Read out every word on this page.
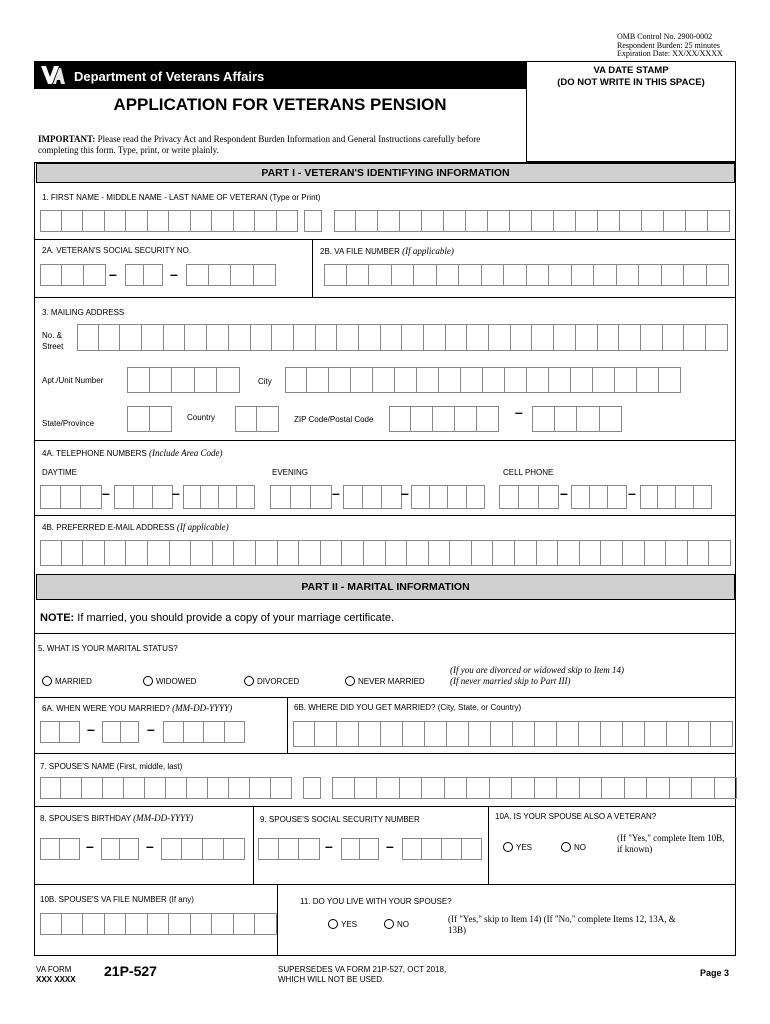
OMB Control No. 2900-0002
Respondent Burden: 25 minutes
Expiration Date: XX/XX/XXXX
Department of Veterans Affairs	VA DATE STAMP
(DO NOT WRITE IN THIS SPACE)
APPLICATION FOR VETERANS PENSION
IMPORTANT: Please read the Privacy Act and Respondent Burden Information and General Instructions carefully before completing this form. Type, print, or write plainly.
PART I - VETERAN'S IDENTIFYING INFORMATION
1. FIRST NAME - MIDDLE NAME - LAST NAME OF VETERAN (Type or Print)
2A. VETERAN'S SOCIAL SECURITY NO.	2B. VA FILE NUMBER (If applicable)
–	–
3. MAILING ADDRESS
No. &
Street
Apt./Unit Number	City
State/Province
Country	ZIP Code/Postal Code	–
4A. TELEPHONE NUMBERS (Include Area Code)
DAYTIME	EVENING	CELL PHONE
–	–	–	–	–	–
4B. PREFERRED E-MAIL ADDRESS (If applicable)
PART II - MARITAL INFORMATION
NOTE: If married, you should provide a copy of your marriage certificate.
5. WHAT IS YOUR MARITAL STATUS?
MARRIED	WIDOWED	DIVORCED	NEVER MARRIED
(If you are divorced or widowed skip to Item 14)
(If never married skip to Part III)
6A. WHEN WERE YOU MARRIED? (MM-DD-YYYY)	6B. WHERE DID YOU GET MARRIED? (City, State, or Country)
–	–
7. SPOUSE'S NAME (First, middle, last)
8. SPOUSE'S BIRTHDAY (MM-DD-YYYY)	9. SPOUSE'S SOCIAL SECURITY NUMBER	10A. IS YOUR SPOUSE ALSO A VETERAN?
–	–	–	–	YES	NO
(If "Yes," complete Item 10B, if known)
10B. SPOUSE'S VA FILE NUMBER (If any)	11. DO YOU LIVE WITH YOUR SPOUSE?
YES	NO	(If "Yes," skip to Item 14) (If "No," complete Items 12, 13A, & 13B)
VA FORM
XXX XXXX
21P-527	SUPERSEDES VA FORM 21P-527, OCT 2018,
WHICH WILL NOT BE USED.
Page 3
